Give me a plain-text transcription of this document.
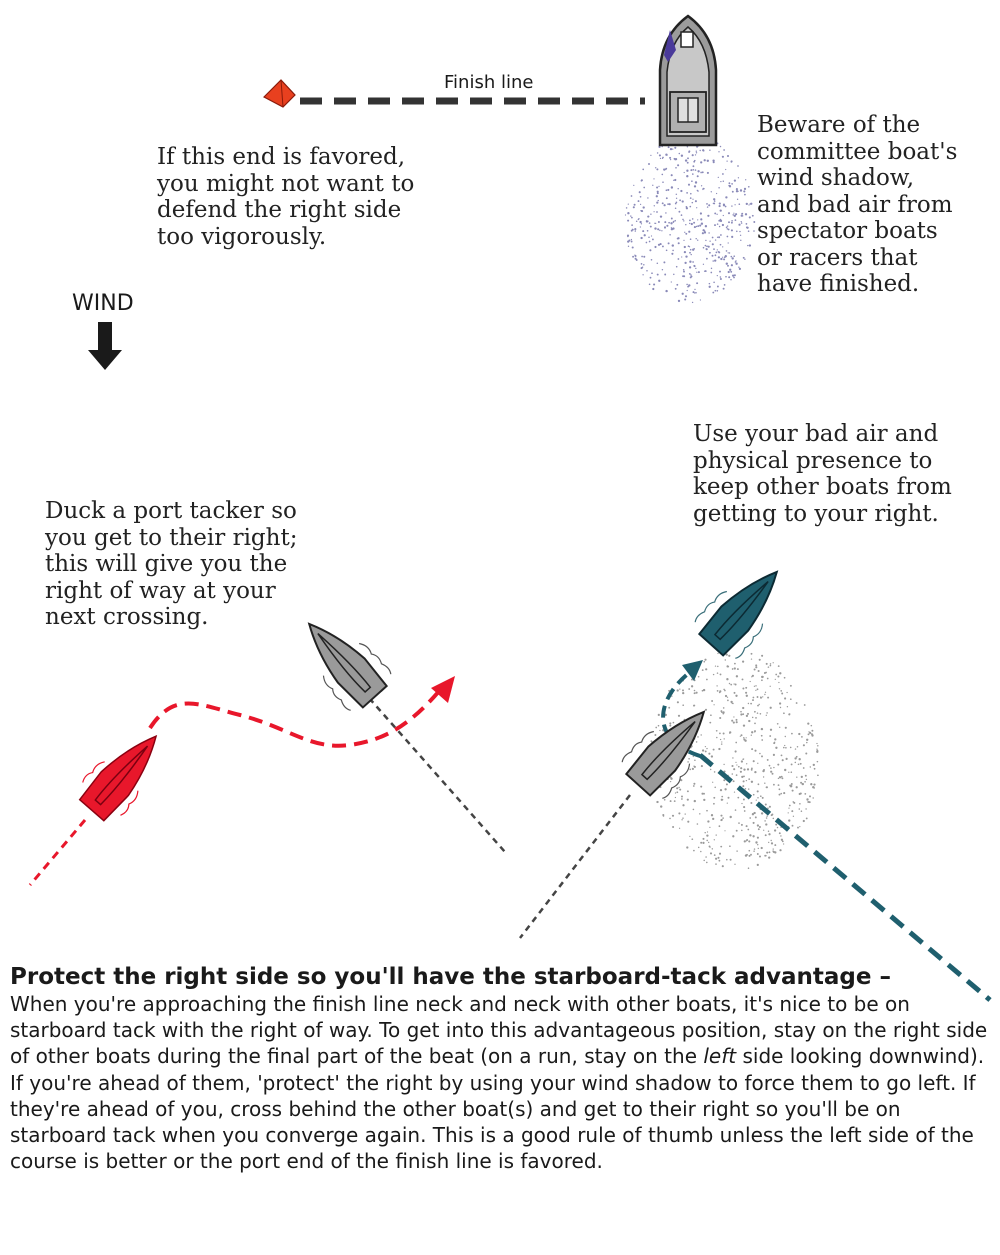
Finish line
WIND

If this end is favored,
you might not want to
defend the right side
too vigorously.

Beware of the
committee boat's
wind shadow,
and bad air from
spectator boats
or racers that
have finished.

Use your bad air and
physical presence to
keep other boats from
getting to your right.

Duck a port tacker so
you get to their right;
this will give you the
right of way at your
next crossing.

Protect the right side so you'll have the starboard-tack advantage –
When you're approaching the finish line neck and neck with other boats, it's nice to be on starboard tack with the right of way. To get into this advantageous position, stay on the right side of other boats during the final part of the beat (on a run, stay on the left side looking downwind). If you're ahead of them, 'protect' the right by using your wind shadow to force them to go left. If they're ahead of you, cross behind the other boat(s) and get to their right so you'll be on starboard tack when you converge again. This is a good rule of thumb unless the left side of the course is better or the port end of the finish line is favored.
